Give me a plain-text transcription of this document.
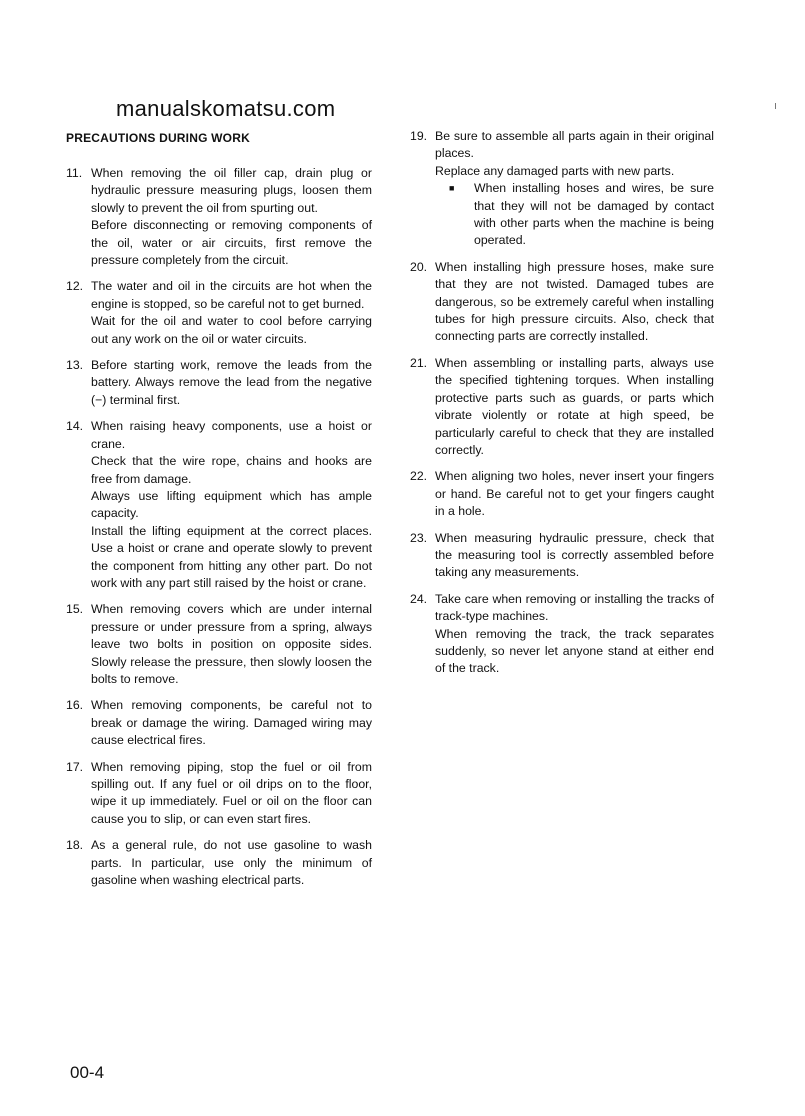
manualskomatsu.com
PRECAUTIONS DURING WORK
11. When removing the oil filler cap, drain plug or hydraulic pressure measuring plugs, loosen them slowly to prevent the oil from spurting out.

Before disconnecting or removing components of the oil, water or air circuits, first remove the pressure completely from the circuit.

12. The water and oil in the circuits are hot when the engine is stopped, so be careful not to get burned.

Wait for the oil and water to cool before carrying out any work on the oil or water circuits.

13. Before starting work, remove the leads from the battery. Always remove the lead from the negative (−) terminal first.

14. When raising heavy components, use a hoist or crane.

Check that the wire rope, chains and hooks are free from damage.

Always use lifting equipment which has ample capacity.

Install the lifting equipment at the correct places. Use a hoist or crane and operate slowly to prevent the component from hitting any other part. Do not work with any part still raised by the hoist or crane.

15. When removing covers which are under internal pressure or under pressure from a spring, always leave two bolts in position on opposite sides. Slowly release the pressure, then slowly loosen the bolts to remove.

16. When removing components, be careful not to break or damage the wiring. Damaged wiring may cause electrical fires.

17. When removing piping, stop the fuel or oil from spilling out. If any fuel or oil drips on to the floor, wipe it up immediately. Fuel or oil on the floor can cause you to slip, or can even start fires.

18. As a general rule, do not use gasoline to wash parts. In particular, use only the minimum of gasoline when washing electrical parts.

19. Be sure to assemble all parts again in their original places.

Replace any damaged parts with new parts.

■	When installing hoses and wires, be sure that they will not be damaged by contact with other parts when the machine is being operated.
20. When installing high pressure hoses, make sure that they are not twisted. Damaged tubes are dangerous, so be extremely careful when installing tubes for high pressure circuits. Also, check that connecting parts are correctly installed.

21. When assembling or installing parts, always use the specified tightening torques. When installing protective parts such as guards, or parts which vibrate violently or rotate at high speed, be particularly careful to check that they are installed correctly.

22. When aligning two holes, never insert your fingers or hand. Be careful not to get your fingers caught in a hole.

23. When measuring hydraulic pressure, check that the measuring tool is correctly assembled before taking any measurements.

24. Take care when removing or installing the tracks of track-type machines.

When removing the track, the track separates suddenly, so never let anyone stand at either end of the track.

00-4
